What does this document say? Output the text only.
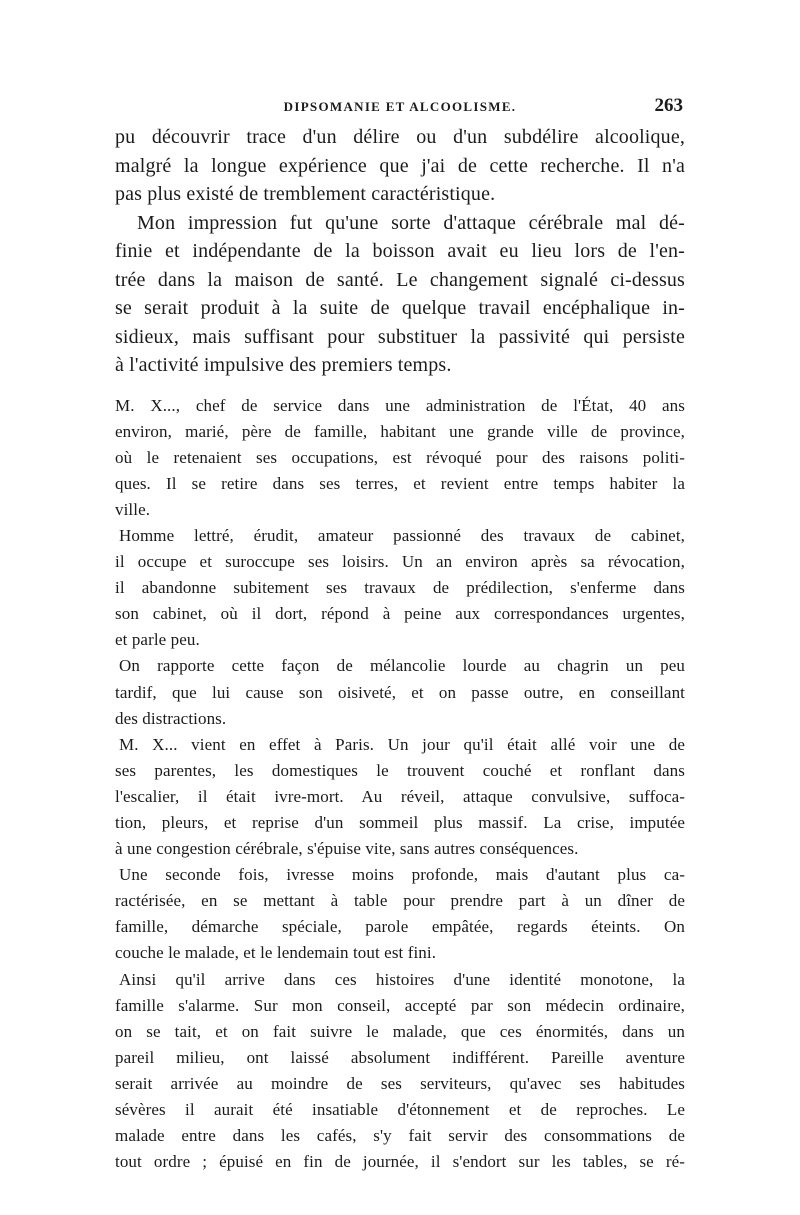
DIPSOMANIE ET ALCOOLISME.	263

pu découvrir trace d'un délire ou d'un subdélire alcoolique,

malgré la longue expérience que j'ai de cette recherche. Il n'a

pas plus existé de tremblement caractéristique.

Mon impression fut qu'une sorte d'attaque cérébrale mal dé-

finie et indépendante de la boisson avait eu lieu lors de l'en-

trée dans la maison de santé. Le changement signalé ci-dessus

se serait produit à la suite de quelque travail encéphalique in-

sidieux, mais suffisant pour substituer la passivité qui persiste

à l'activité impulsive des premiers temps.

M. X..., chef de service dans une administration de l'État, 40 ans

environ, marié, père de famille, habitant une grande ville de province,

où le retenaient ses occupations, est révoqué pour des raisons politi-

ques. Il se retire dans ses terres, et revient entre temps habiter la

ville.

Homme lettré, érudit, amateur passionné des travaux de cabinet,

il occupe et suroccupe ses loisirs. Un an environ après sa révocation,

il abandonne subitement ses travaux de prédilection, s'enferme dans

son cabinet, où il dort, répond à peine aux correspondances urgentes,

et parle peu.

On rapporte cette façon de mélancolie lourde au chagrin un peu

tardif, que lui cause son oisiveté, et on passe outre, en conseillant

des distractions.

M. X... vient en effet à Paris. Un jour qu'il était allé voir une de

ses parentes, les domestiques le trouvent couché et ronflant dans

l'escalier, il était ivre-mort. Au réveil, attaque convulsive, suffoca-

tion, pleurs, et reprise d'un sommeil plus massif. La crise, imputée

à une congestion cérébrale, s'épuise vite, sans autres conséquences.

Une seconde fois, ivresse moins profonde, mais d'autant plus ca-

ractérisée, en se mettant à table pour prendre part à un dîner de

famille, démarche spéciale, parole empâtée, regards éteints. On

couche le malade, et le lendemain tout est fini.

Ainsi qu'il arrive dans ces histoires d'une identité monotone, la

famille s'alarme. Sur mon conseil, accepté par son médecin ordinaire,

on se tait, et on fait suivre le malade, que ces énormités, dans un

pareil milieu, ont laissé absolument indifférent. Pareille aventure

serait arrivée au moindre de ses serviteurs, qu'avec ses habitudes

sévères il aurait été insatiable d'étonnement et de reproches. Le

malade entre dans les cafés, s'y fait servir des consommations de

tout ordre ; épuisé en fin de journée, il s'endort sur les tables, se ré-
